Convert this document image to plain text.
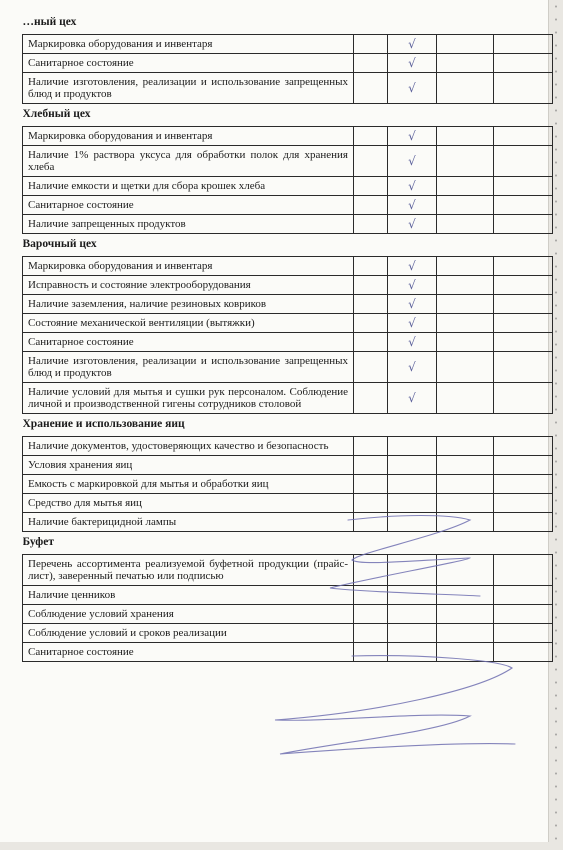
…ный цех				
Маркировка оборудования и инвентаря		√		
Санитарное состояние		√		
Наличие изготовления, реализации и использование запрещенных блюд и продуктов		√		
Хлебный цех				
Маркировка оборудования и инвентаря		√		
Наличие 1% раствора уксуса для обработки полок для хранения хлеба		√		
Наличие емкости и щетки для сбора крошек хлеба		√		
Санитарное состояние		√		
Наличие запрещенных продуктов		√		
Варочный цех				
Маркировка оборудования и инвентаря		√		
Исправность и состояние электрооборудования		√		
Наличие заземления, наличие резиновых ковриков		√		
Состояние механической вентиляции (вытяжки)		√		
Санитарное состояние		√		
Наличие изготовления, реализации и использование запрещенных блюд и продуктов		√		
Наличие условий для мытья и сушки рук персоналом. Соблюдение личной и производственной гигены сотрудников столовой		√		
Хранение и использование яиц				
Наличие документов, удостоверяющих качество и безопасность				
Условия хранения яиц				
Емкость с маркировкой для мытья и обработки яиц				
Средство для мытья яиц				
Наличие бактерицидной лампы				
Буфет				
Перечень ассортимента реализуемой буфетной продукции (прайс-лист), заверенный печатью или подписью				
Наличие ценников				
Соблюдение условий хранения				
Соблюдение условий и сроков реализации				
Санитарное состояние				
